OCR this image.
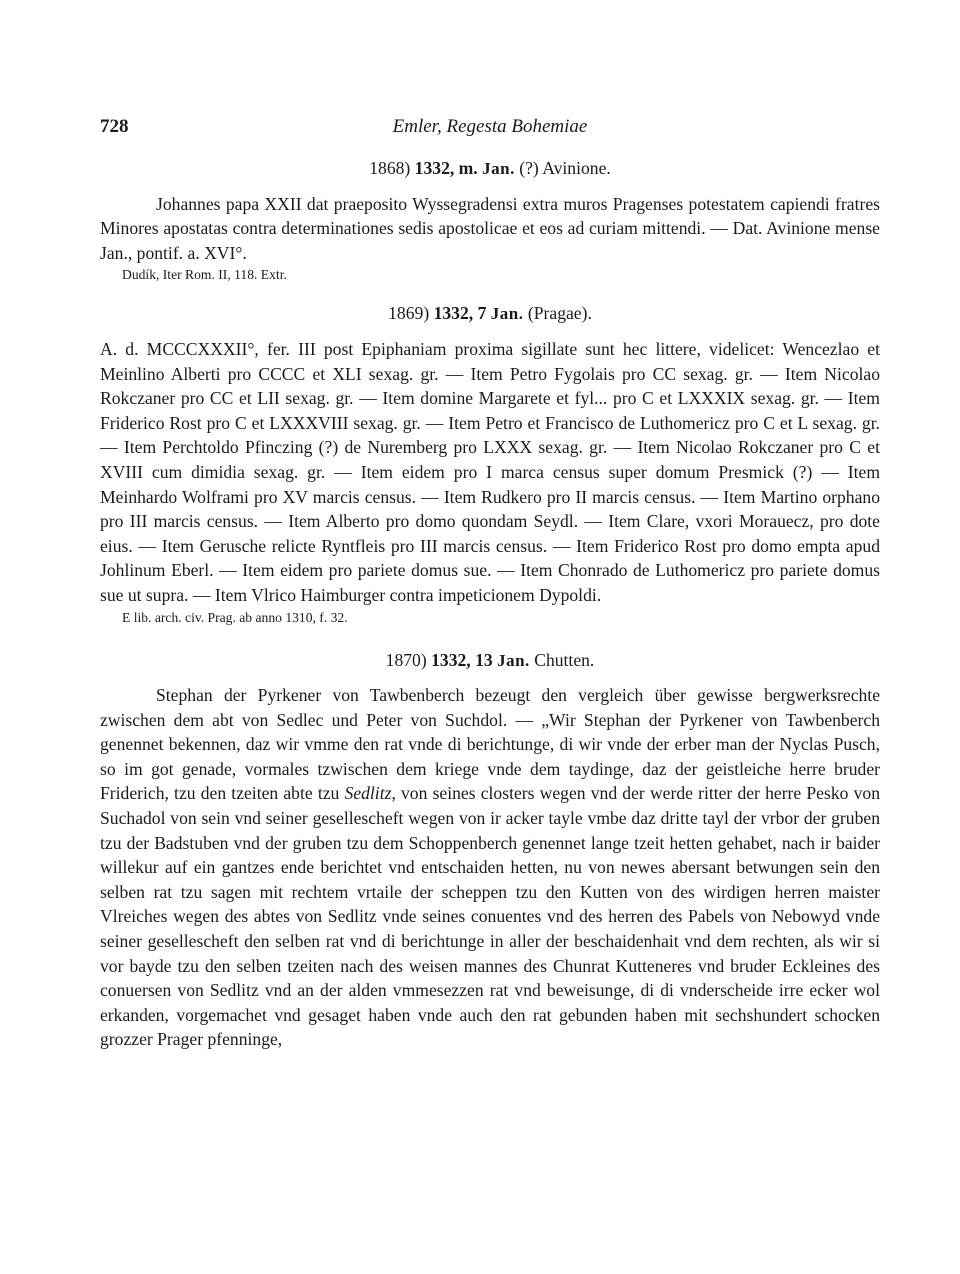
728	Emler, Regesta Bohemiae
1868) 1332, m. Jan. (?) Avinione.

Johannes papa XXII dat praeposito Wyssegradensi extra muros Pragenses potestatem capiendi fratres Minores apostatas contra determinationes sedis apostolicae et eos ad curiam mittendi. — Dat. Avinione mense Jan., pontif. a. XVI°.

Dudík, Iter Rom. II, 118. Extr.

1869) 1332, 7 Jan. (Pragae).

A. d. MCCCXXXII°, fer. III post Epiphaniam proxima sigillate sunt hec littere, videlicet: Wencezlao et Meinlino Alberti pro CCCC et XLI sexag. gr. — Item Petro Fygolais pro CC sexag. gr. — Item Nicolao Rokczaner pro CC et LII sexag. gr. — Item domine Margarete et fyl... pro C et LXXXIX sexag. gr. — Item Friderico Rost pro C et LXXXVIII sexag. gr. — Item Petro et Francisco de Luthomericz pro C et L sexag. gr. — Item Perchtoldo Pfinczing (?) de Nuremberg pro LXXX sexag. gr. — Item Nicolao Rokczaner pro C et XVIII cum dimidia sexag. gr. — Item eidem pro I marca census super domum Presmick (?) — Item Meinhardo Wolframi pro XV marcis census. — Item Rudkero pro II marcis census. — Item Martino orphano pro III marcis census. — Item Alberto pro domo quondam Seydl. — Item Clare, vxori Morauecz, pro dote eius. — Item Gerusche relicte Ryntfleis pro III marcis census. — Item Friderico Rost pro domo empta apud Johlinum Eberl. — Item eidem pro pariete domus sue. — Item Chonrado de Luthomericz pro pariete domus sue ut supra. — Item Vlrico Haimburger contra impeticionem Dypoldi.

E lib. arch. civ. Prag. ab anno 1310, f. 32.

1870) 1332, 13 Jan. Chutten.

Stephan der Pyrkener von Tawbenberch bezeugt den vergleich über gewisse bergwerksrechte zwischen dem abt von Sedlec und Peter von Suchdol. — „Wir Stephan der Pyrkener von Tawbenberch genennet bekennen, daz wir vmme den rat vnde di berichtunge, di wir vnde der erber man der Nyclas Pusch, so im got genade, vormales tzwischen dem kriege vnde dem taydinge, daz der geistleiche herre bruder Friderich, tzu den tzeiten abte tzu Sedlitz, von seines closters wegen vnd der werde ritter der herre Pesko von Suchadol von sein vnd seiner gesellescheft wegen von ir acker tayle vmbe daz dritte tayl der vrbor der gruben tzu der Badstuben vnd der gruben tzu dem Schoppenberch genennet lange tzeit hetten gehabet, nach ir baider willekur auf ein gantzes ende berichtet vnd entschaiden hetten, nu von newes abersant betwungen sein den selben rat tzu sagen mit rechtem vrtaile der scheppen tzu den Kutten von des wirdigen herren maister Vlreiches wegen des abtes von Sedlitz vnde seines conuentes vnd des herren des Pabels von Nebowyd vnde seiner gesellescheft den selben rat vnd di berichtunge in aller der beschaidenhait vnd dem rechten, als wir si vor bayde tzu den selben tzeiten nach des weisen mannes des Chunrat Kutteneres vnd bruder Eckleines des conuersen von Sedlitz vnd an der alden vmmesezzen rat vnd beweisunge, di di vnderscheide irre ecker wol erkanden, vorgemachet vnd gesaget haben vnde auch den rat gebunden haben mit sechshundert schocken grozzer Prager pfenninge,
